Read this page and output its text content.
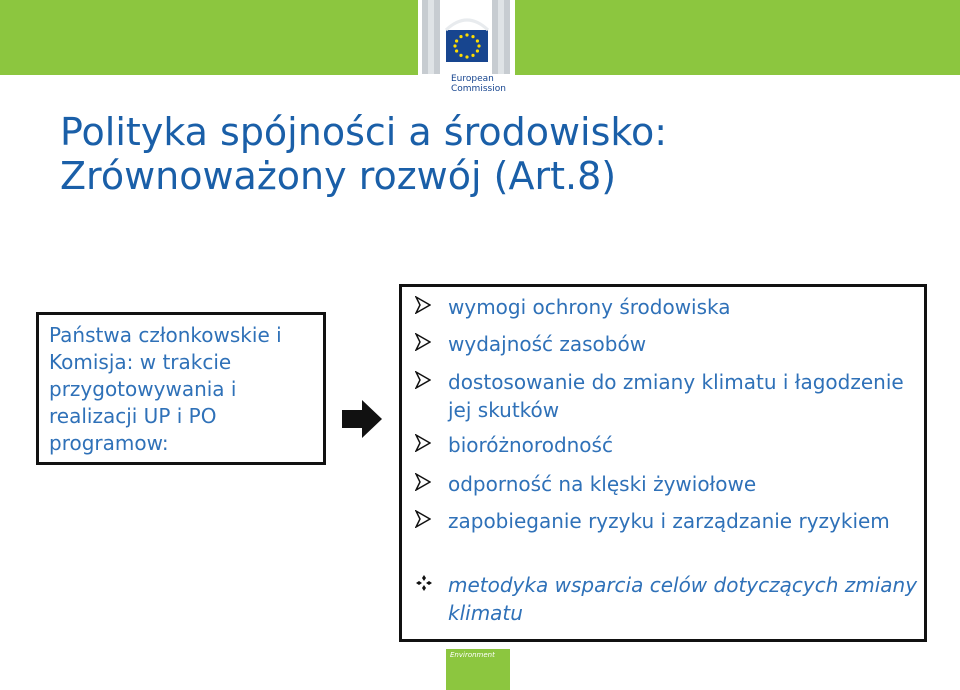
European
Commission
Polityka spójności a środowisko:
Zrównoważony rozwój (Art.8)
Państwa członkowskie i Komisja: w trakcie przygotowywania i realizacji UP i PO programow:
wymogi ochrony środowiska
wydajność zasobów
dostosowanie do zmiany klimatu i łagodzenie jej skutków
bioróżnorodność
odporność na klęski żywiołowe
zapobieganie ryzyku i zarządzanie ryzykiem
metodyka wsparcia celów dotyczących zmiany klimatu
Environment
